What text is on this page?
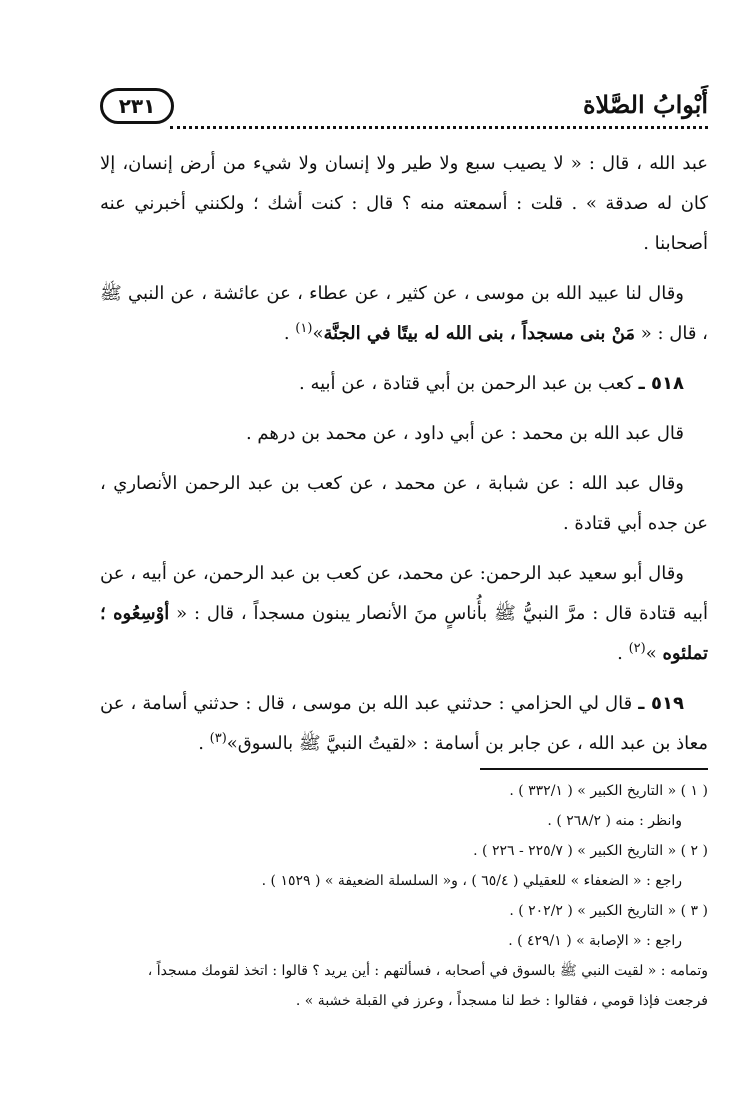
٢٣١	أَبْوابُ الصَّلاة

عبد الله ، قال : « لا يصيب سبع ولا طير ولا إنسان ولا شيء من أرض إنسان، إلا كان له صدقة » . قلت : أسمعته منه ؟ قال : كنت أشك ؛ ولكنني أخبرني عنه أصحابنا .

وقال لنا عبيد الله بن موسى ، عن كثير ، عن عطاء ، عن عائشة ، عن النبي ﷺ ، قال : « مَنْ بنى مسجداً ، بنى الله له بيتًا في الجنَّة»$^{(١)}$ .

٥١٨ ـ كعب بن عبد الرحمن بن أبي قتادة ، عن أبيه .

قال عبد الله بن محمد : عن أبي داود ، عن محمد بن درهم .

وقال عبد الله : عن شبابة ، عن محمد ، عن كعب بن عبد الرحمن الأنصاري ، عن جده أبي قتادة .

وقال أبو سعيد عبد الرحمن: عن محمد، عن كعب بن عبد الرحمن، عن أبيه ، عن أبيه قتادة قال : مرَّ النبيُّ ﷺ بأُناسٍ منَ الأنصار يبنون مسجداً ، قال : « أوْسِعُوه ؛ تملئوه »$^{(٢)}$ .

٥١٩ ـ قال لي الحزامي : حدثني عبد الله بن موسى ، قال : حدثني أسامة ، عن معاذ بن عبد الله ، عن جابر بن أسامة : «لقيتُ النبيَّ ﷺ بالسوق»$^{(٣)}$ .

( ١ ) « التاريخ الكبير » ( ٣٣٢/١ ) .

وانظر : منه ( ٢٦٨/٢ ) .

( ٢ ) « التاريخ الكبير » ( ٢٢٥/٧ - ٢٢٦ ) .

راجع : « الضعفاء » للعقيلي ( ٦٥/٤ ) ، و« السلسلة الضعيفة » ( ١٥٢٩ ) .

( ٣ ) « التاريخ الكبير » ( ٢٠٢/٢ ) .

راجع : « الإصابة » ( ٤٢٩/١ ) .

وتمامه : « لقيت النبي ﷺ بالسوق في أصحابه ، فسألتهم : أين يريد ؟ قالوا : اتخذ لقومك مسجداً ، فرجعت فإذا قومي ، فقالوا : خط لنا مسجداً ، وعرز في القبلة خشبة » .
